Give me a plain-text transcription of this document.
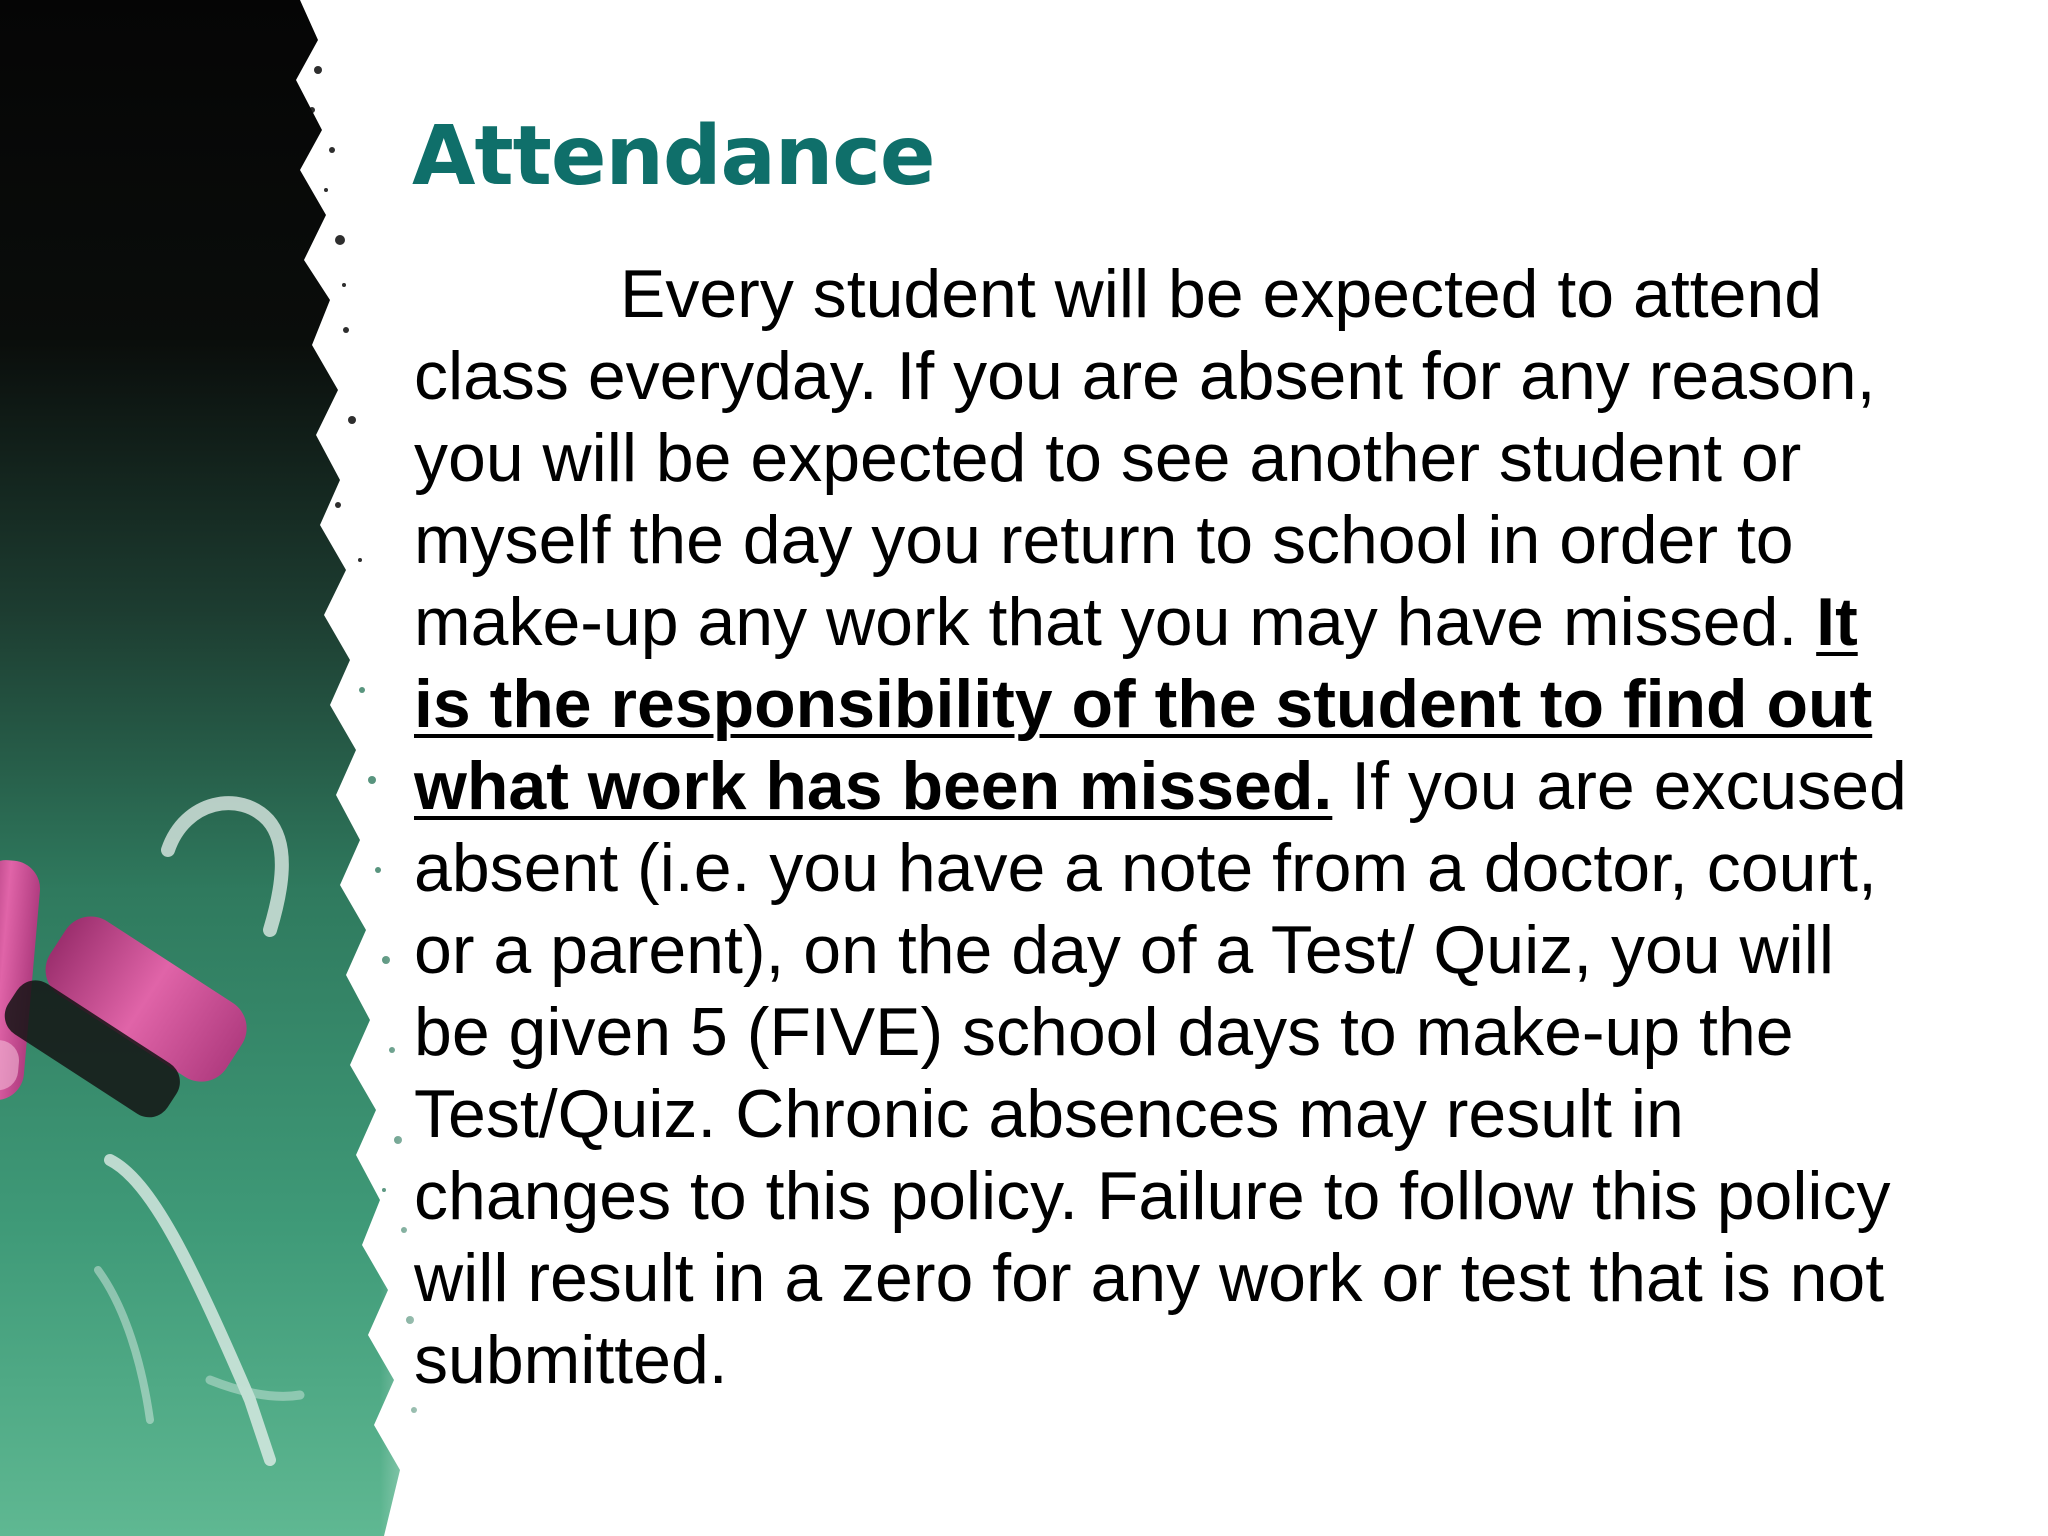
Attendance

Every student will be expected to attend class everyday. If you are absent for any reason, you will be expected to see another student or myself the day you return to school in order to make-up any work that you may have missed. It is the responsibility of the student to find out what work has been missed. If you are excused absent (i.e. you have a note from a doctor, court, or a parent), on the day of a Test/ Quiz, you will be given 5 (FIVE) school days to make-up the Test/Quiz. Chronic absences may result in changes to this policy. Failure to follow this policy will result in a zero for any work or test that is not submitted.
